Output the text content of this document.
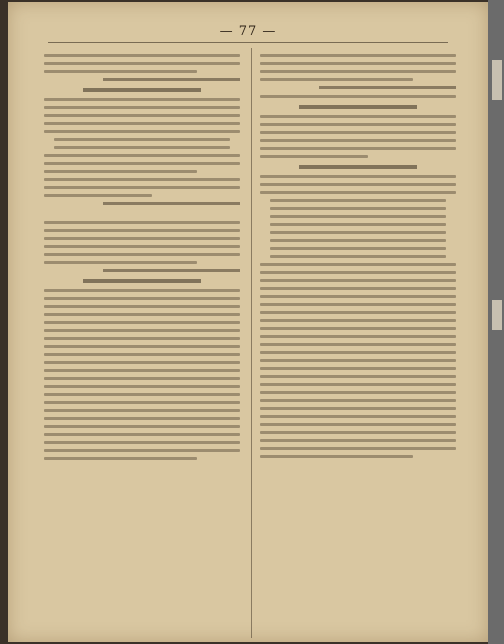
— 77 —
